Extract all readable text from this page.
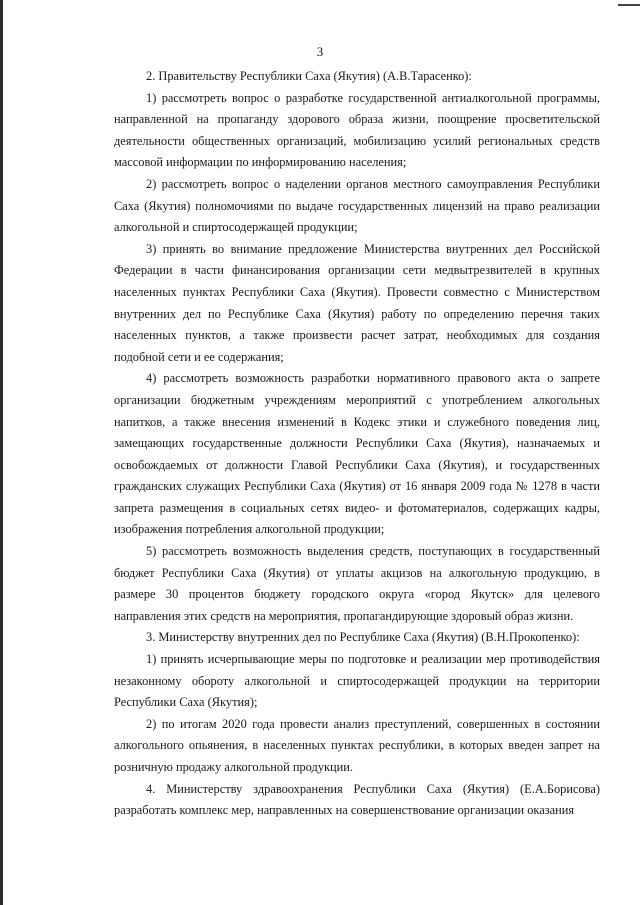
3

2. Правительству Республики Саха (Якутия) (А.В.Тарасенко):

1) рассмотреть вопрос о разработке государственной антиалкогольной программы, направленной на пропаганду здорового образа жизни, поощрение просветительской деятельности общественных организаций, мобилизацию усилий региональных средств массовой информации по информированию населения;

2) рассмотреть вопрос о наделении органов местного самоуправления Республики Саха (Якутия) полномочиями по выдаче государственных лицензий на право реализации алкогольной и спиртосодержащей продукции;

3) принять во внимание предложение Министерства внутренних дел Российской Федерации в части финансирования организации сети медвытрезвителей в крупных населенных пунктах Республики Саха (Якутия). Провести совместно с Министерством внутренних дел по Республике Саха (Якутия) работу по определению перечня таких населенных пунктов, а также произвести расчет затрат, необходимых для создания подобной сети и ее содержания;

4) рассмотреть возможность разработки нормативного правового акта о запрете организации бюджетным учреждениям мероприятий с употреблением алкогольных напитков, а также внесения изменений в Кодекс этики и служебного поведения лиц, замещающих государственные должности Республики Саха (Якутия), назначаемых и освобождаемых от должности Главой Республики Саха (Якутия), и государственных гражданских служащих Республики Саха (Якутия) от 16 января 2009 года № 1278 в части запрета размещения в социальных сетях видео- и фотоматериалов, содержащих кадры, изображения потребления алкогольной продукции;

5) рассмотреть возможность выделения средств, поступающих в государственный бюджет Республики Саха (Якутия) от уплаты акцизов на алкогольную продукцию, в размере 30 процентов бюджету городского округа «город Якутск» для целевого направления этих средств на мероприятия, пропагандирующие здоровый образ жизни.

3. Министерству внутренних дел по Республике Саха (Якутия) (В.Н.Прокопенко):

1) принять исчерпывающие меры по подготовке и реализации мер противодействия незаконному обороту алкогольной и спиртосодержащей продукции на территории Республики Саха (Якутия);

2) по итогам 2020 года провести анализ преступлений, совершенных в состоянии алкогольного опьянения, в населенных пунктах республики, в которых введен запрет на розничную продажу алкогольной продукции.

4. Министерству здравоохранения Республики Саха (Якутия) (Е.А.Борисова) разработать комплекс мер, направленных на совершенствование организации оказания
